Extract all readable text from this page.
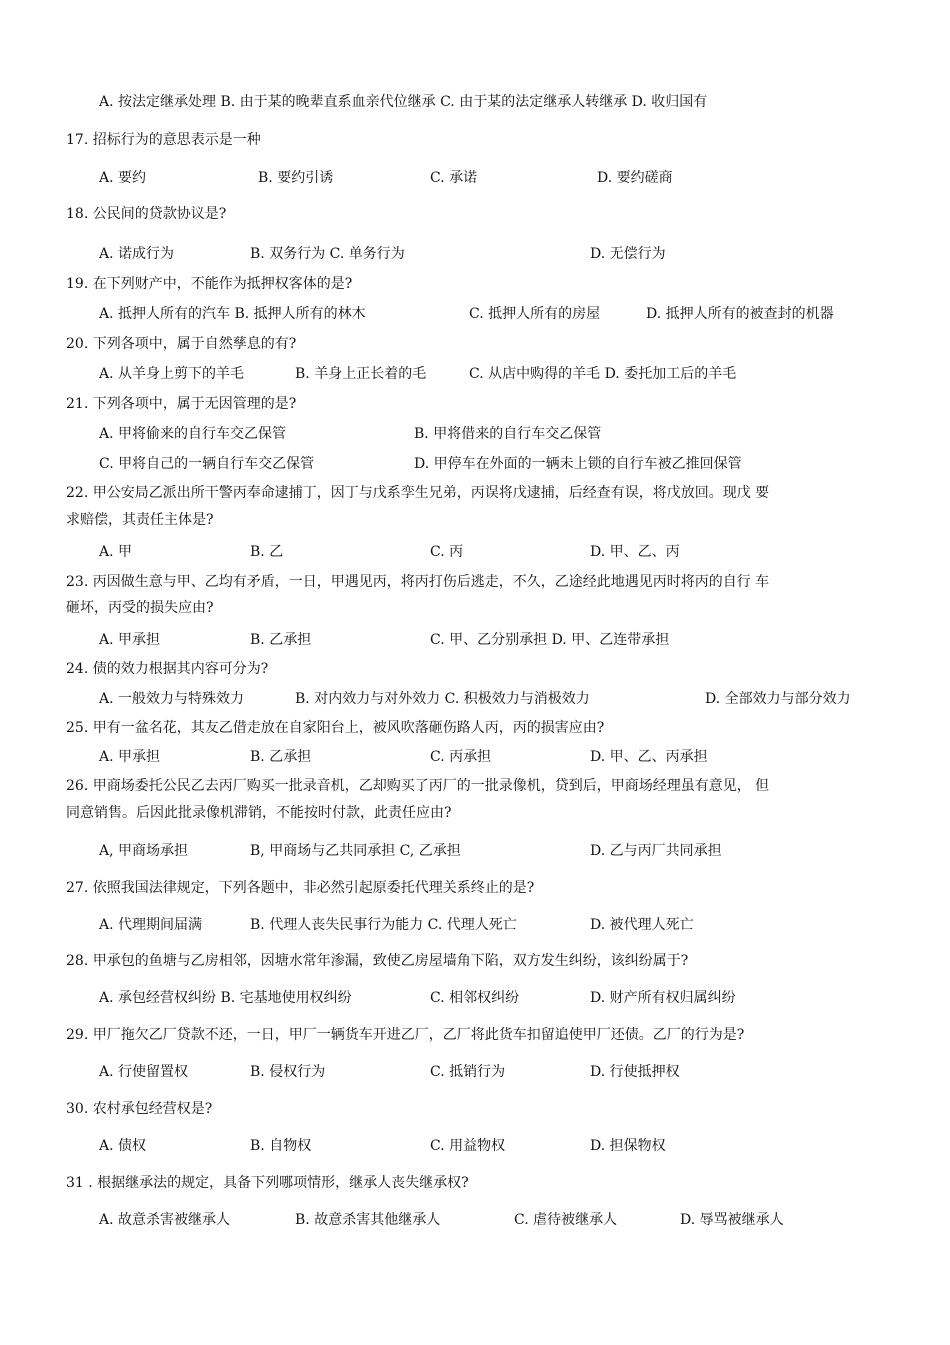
A. 按法定继承处理 B. 由于某的晚辈直系血亲代位继承 C. 由于某的法定继承人转继承 D. 收归国有
17. 招标行为的意思表示是一种
A. 要约	B. 要约引诱	C. 承诺	D. 要约磋商
18. 公民间的贷款协议是?
A. 诺成行为	B. 双务行为 C. 单务行为	D. 无偿行为
19. 在下列财产中，不能作为抵押权客体的是?
A. 抵押人所有的汽车 B. 抵押人所有的林木	C. 抵押人所有的房屋	D. 抵押人所有的被查封的机器
20. 下列各项中，属于自然孳息的有?
A. 从羊身上剪下的羊毛	B. 羊身上正长着的毛	C. 从店中购得的羊毛 D. 委托加工后的羊毛
21. 下列各项中，属于无因管理的是?
A. 甲将偷来的自行车交乙保管	B. 甲将借来的自行车交乙保管
C. 甲将自己的一辆自行车交乙保管	D. 甲停车在外面的一辆未上锁的自行车被乙推回保管
22. 甲公安局乙派出所干警丙奉命逮捕丁，因丁与戊系孪生兄弟，丙误将戊逮捕，后经查有误，将戊放回。现戊 要
求赔偿，其责任主体是?
A. 甲	B. 乙	C. 丙	D. 甲、乙、丙
23. 丙因做生意与甲、乙均有矛盾，一日，甲遇见丙，将丙打伤后逃走，不久，乙途经此地遇见丙时将丙的自行 车
砸坏，丙受的损失应由?
A. 甲承担	B. 乙承担	C. 甲、乙分别承担 D. 甲、乙连带承担
24. 债的效力根据其内容可分为?
A. 一般效力与特殊效力	B. 对内效力与对外效力 C. 积极效力与消极效力	D. 全部效力与部分效力
25. 甲有一盆名花，其友乙借走放在自家阳台上，被风吹落砸伤路人丙，丙的损害应由?
A. 甲承担	B. 乙承担	C. 丙承担	D. 甲、乙、丙承担
26. 甲商场委托公民乙去丙厂购买一批录音机，乙却购买了丙厂的一批录像机，贷到后，甲商场经理虽有意见， 但
同意销售。后因此批录像机滞销，不能按时付款，此责任应由?
A, 甲商场承担	B, 甲商场与乙共同承担 C, 乙承担	D. 乙与丙厂共同承担
27. 依照我国法律规定，下列各题中，非必然引起原委托代理关系终止的是?
A. 代理期间届满	B. 代理人丧失民事行为能力 C. 代理人死亡	D. 被代理人死亡
28. 甲承包的鱼塘与乙房相邻，因塘水常年渗漏，致使乙房屋墙角下陷，双方发生纠纷，该纠纷属于?
A. 承包经营权纠纷 B. 宅基地使用权纠纷	C. 相邻权纠纷	D. 财产所有权归属纠纷
29. 甲厂拖欠乙厂贷款不还，一日，甲厂一辆货车开进乙厂，乙厂将此货车扣留追使甲厂还债。乙厂的行为是?
A. 行使留置权	B. 侵权行为	C. 抵销行为	D. 行使抵押权
30. 农村承包经营权是?
A. 债权	B. 自物权	C. 用益物权	D. 担保物权
31 . 根据继承法的规定，具备下列哪项情形，继承人丧失继承权?
A. 故意杀害被继承人	B. 故意杀害其他继承人	C. 虐待被继承人	D. 辱骂被继承人
